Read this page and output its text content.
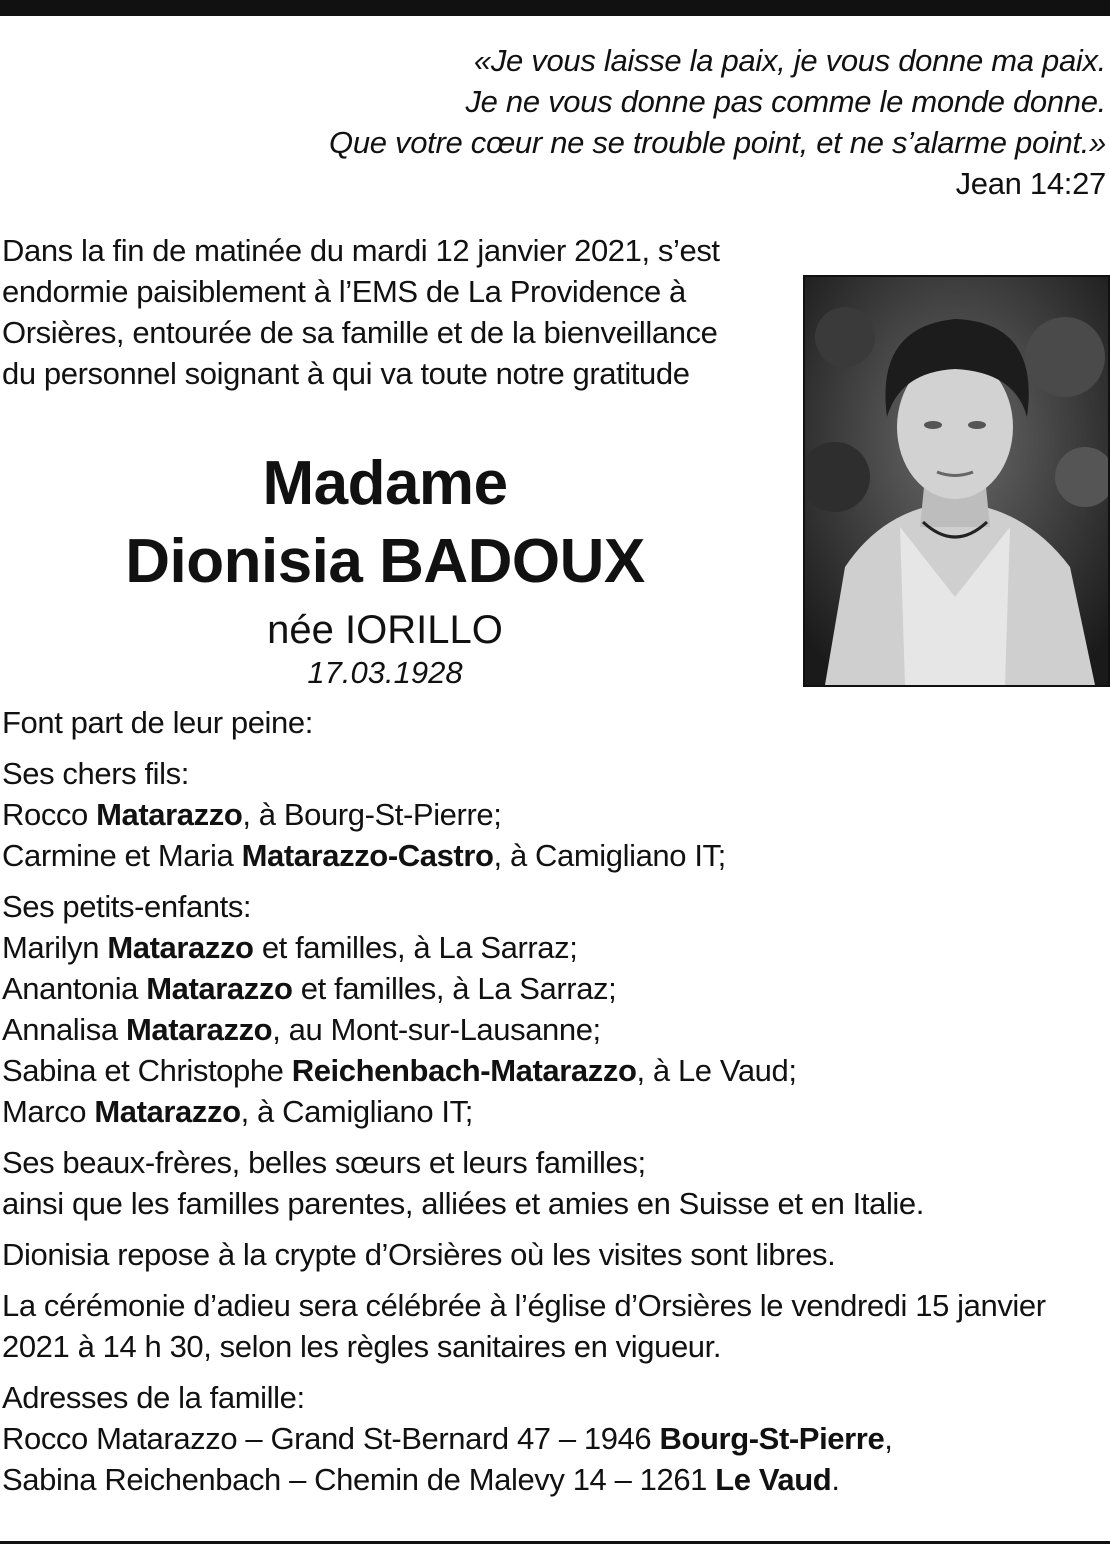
«Je vous laisse la paix, je vous donne ma paix.
Je ne vous donne pas comme le monde donne.
Que votre cœur ne se trouble point, et ne s’alarme point.»
Jean 14:27
Dans la fin de matinée du mardi 12 janvier 2021, s’est
endormie paisiblement à l’EMS de La Providence à
Orsières, entourée de sa famille et de la bienveillance
du personnel soignant à qui va toute notre gratitude
Madame
Dionisia BADOUX
née IORILLO
17.03.1928

Font part de leur peine:

Ses chers fils:
Rocco Matarazzo, à Bourg-St-Pierre;
Carmine et Maria Matarazzo-Castro, à Camigliano IT;

Ses petits-enfants:
Marilyn Matarazzo et familles, à La Sarraz;
Anantonia Matarazzo et familles, à La Sarraz;
Annalisa Matarazzo, au Mont-sur-Lausanne;
Sabina et Christophe Reichenbach-Matarazzo, à Le Vaud;
Marco Matarazzo, à Camigliano IT;

Ses beaux-frères, belles sœurs et leurs familles;
ainsi que les familles parentes, alliées et amies en Suisse et en Italie.

Dionisia repose à la crypte d’Orsières où les visites sont libres.

La cérémonie d’adieu sera célébrée à l’église d’Orsières le vendredi 15 janvier
2021 à 14 h 30, selon les règles sanitaires en vigueur.

Adresses de la famille:
Rocco Matarazzo – Grand St-Bernard 47 – 1946 Bourg-St-Pierre,
Sabina Reichenbach – Chemin de Malevy 14 – 1261 Le Vaud.
